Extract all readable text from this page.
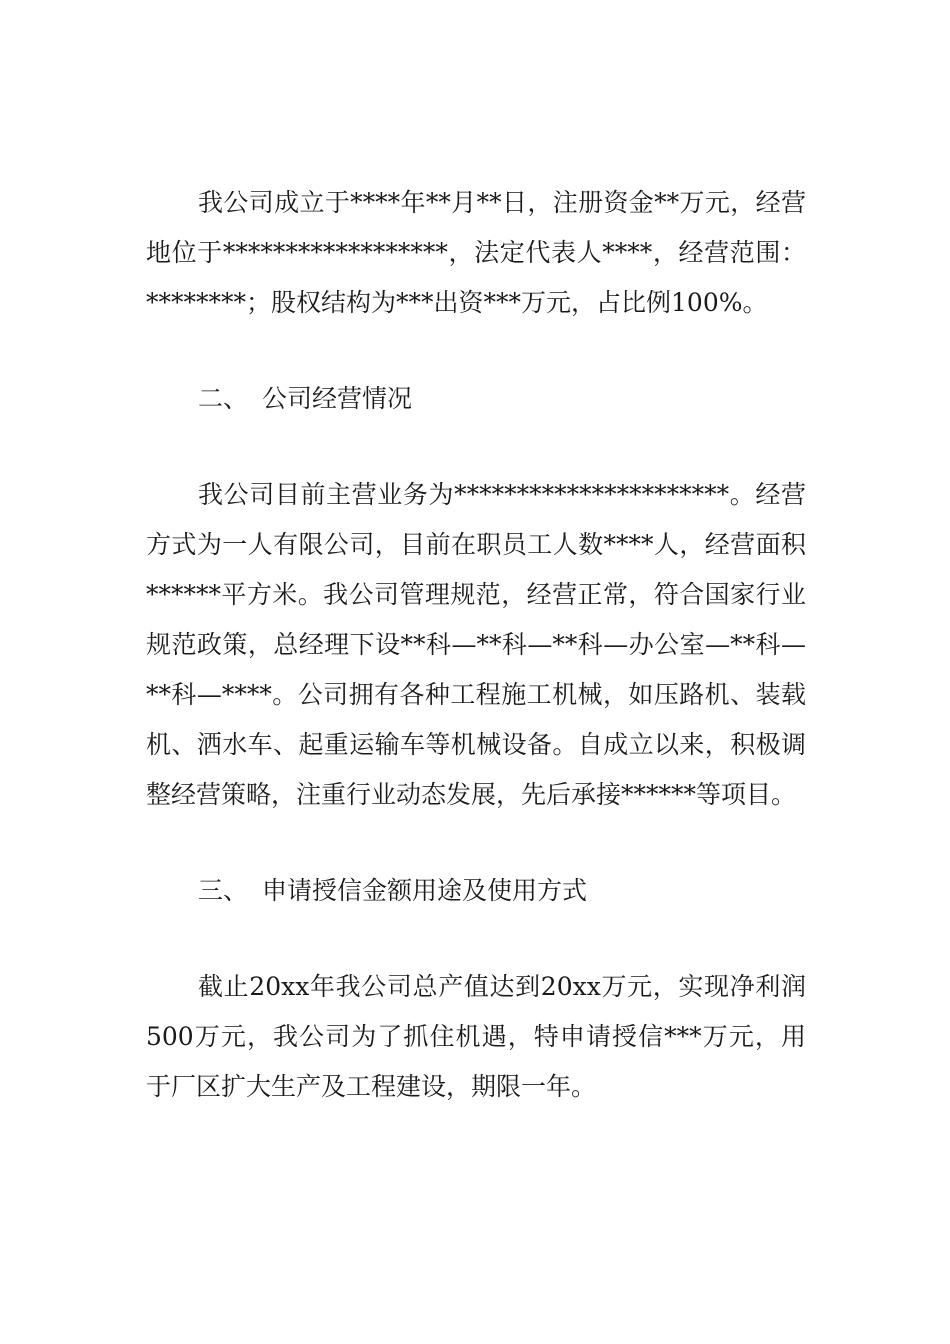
我公司成立于****年**月**日，注册资金**万元，经营地位于******************，法定代表人****，经营范围：********；股权结构为***出资***万元，占比例100%。

二、 公司经营情况

我公司目前主营业务为**********************。经营方式为一人有限公司，目前在职员工人数****人，经营面积******平方米。我公司管理规范，经营正常，符合国家行业规范政策，总经理下设**科—**科—**科—办公室—**科—**科—****。公司拥有各种工程施工机械，如压路机、装载机、洒水车、起重运输车等机械设备。自成立以来，积极调整经营策略，注重行业动态发展，先后承接******等项目。

三、 申请授信金额用途及使用方式

截止20xx年我公司总产值达到20xx万元，实现净利润500万元，我公司为了抓住机遇，特申请授信***万元，用于厂区扩大生产及工程建设，期限一年。
